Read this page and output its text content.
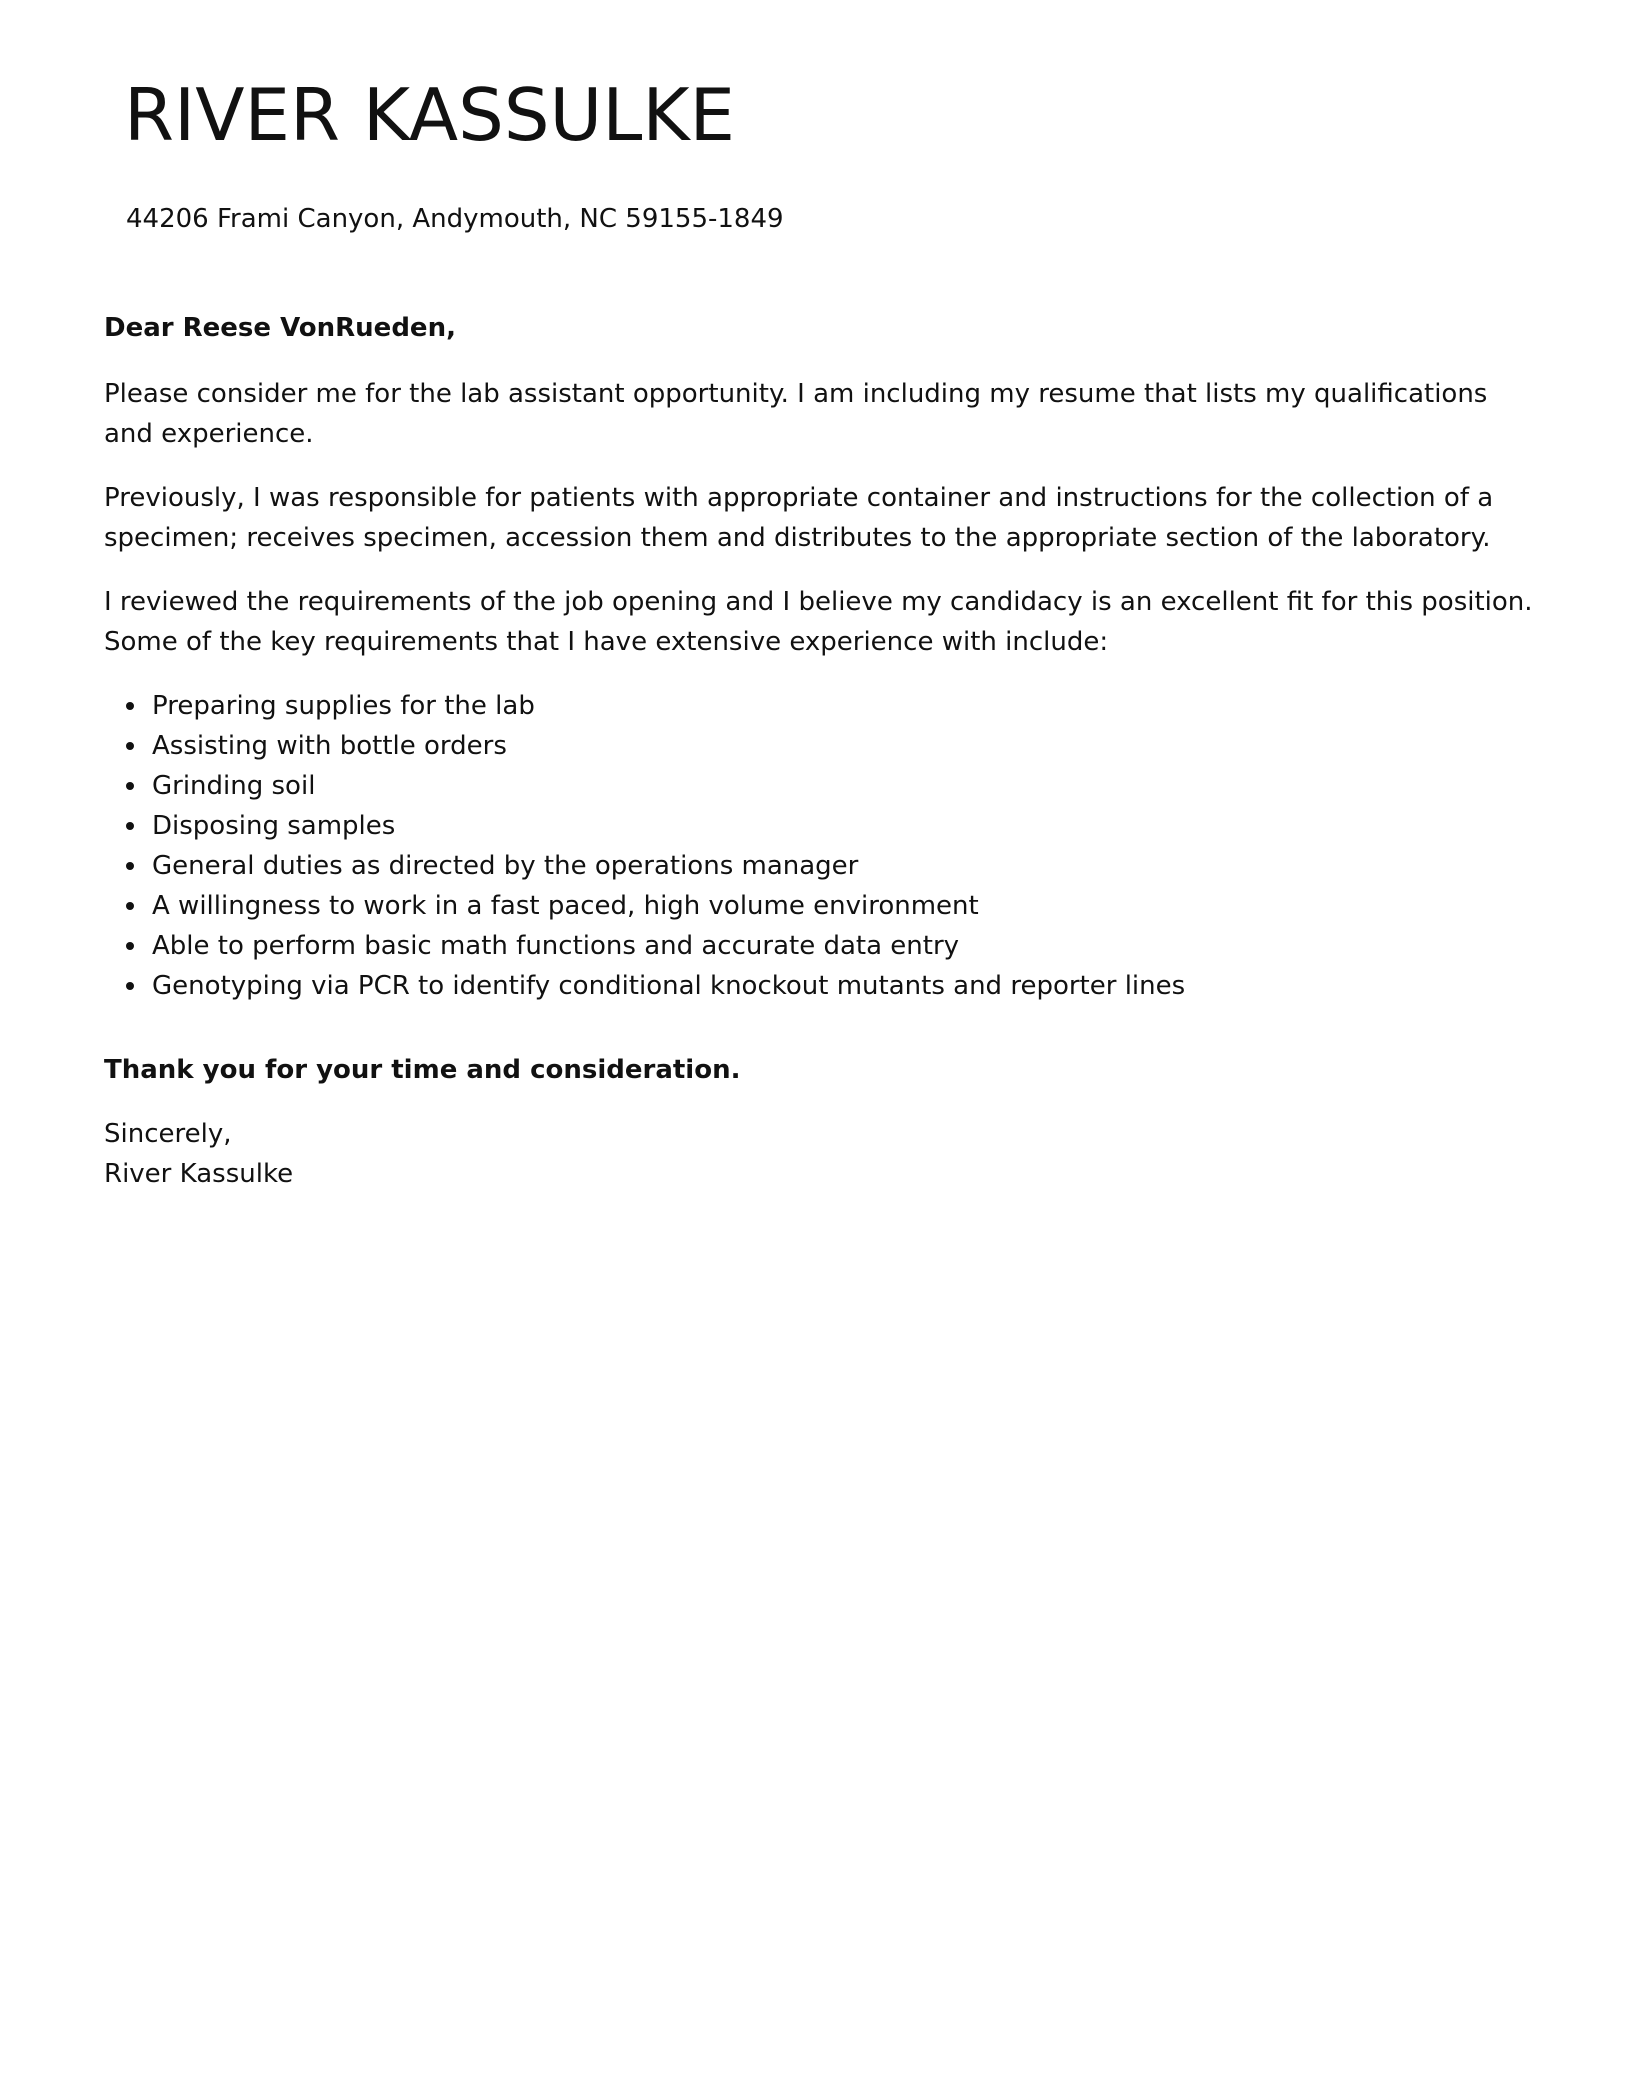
RIVER KASSULKE
44206 Frami Canyon, Andymouth, NC 59155-1849

Dear Reese VonRueden,

Please consider me for the lab assistant opportunity. I am including my resume that lists my qualifications and experience.

Previously, I was responsible for patients with appropriate container and instructions for the collection of a specimen; receives specimen, accession them and distributes to the appropriate section of the laboratory.

I reviewed the requirements of the job opening and I believe my candidacy is an excellent fit for this position. Some of the key requirements that I have extensive experience with include:

Preparing supplies for the lab
Assisting with bottle orders
Grinding soil
Disposing samples
General duties as directed by the operations manager
A willingness to work in a fast paced, high volume environment
Able to perform basic math functions and accurate data entry
Genotyping via PCR to identify conditional knockout mutants and reporter lines

Thank you for your time and consideration.

Sincerely,

River Kassulke
